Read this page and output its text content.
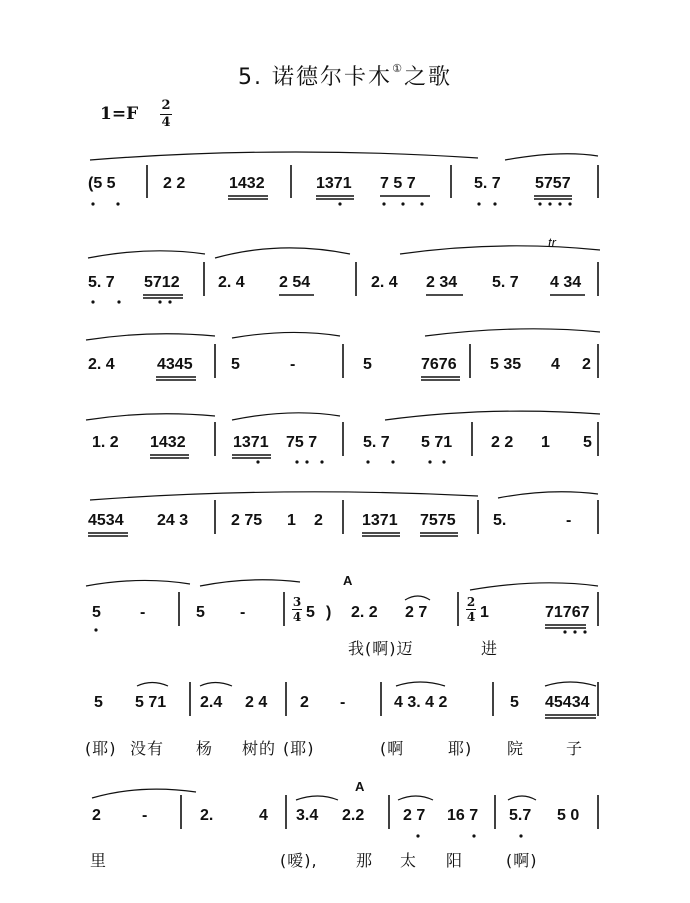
5. 诺德尔卡木①之歌
1=F 2
4
(5 5	2 2	1432	1371 7 5 7	5. 7 5757
tr
5. 7 5712 2. 4 2 54	2. 4 2 34 5. 7 4 34
2. 4	4345 5	-	5	7676 5 35 4 2
1. 2 1432	1371 75 7	5. 7 5 71 2 2 1 5
4534 24 3	2 75 1 2 1371 7575 5.	-
A
5 -	5 -
3
4 5 ) 2. 2 2 7
2
4 1	71767
我(啊)迈	进
5 5 71 2.4 2 4 2 -	4 3. 4 2	5 45434
(耶) 没有 杨 树的 (耶)	(啊	耶) 院	子
A
2	-	2.	4 3.4 2.2 2 7 16 7 5.7 5 0
里	(嗳), 那 太 阳	(啊)
